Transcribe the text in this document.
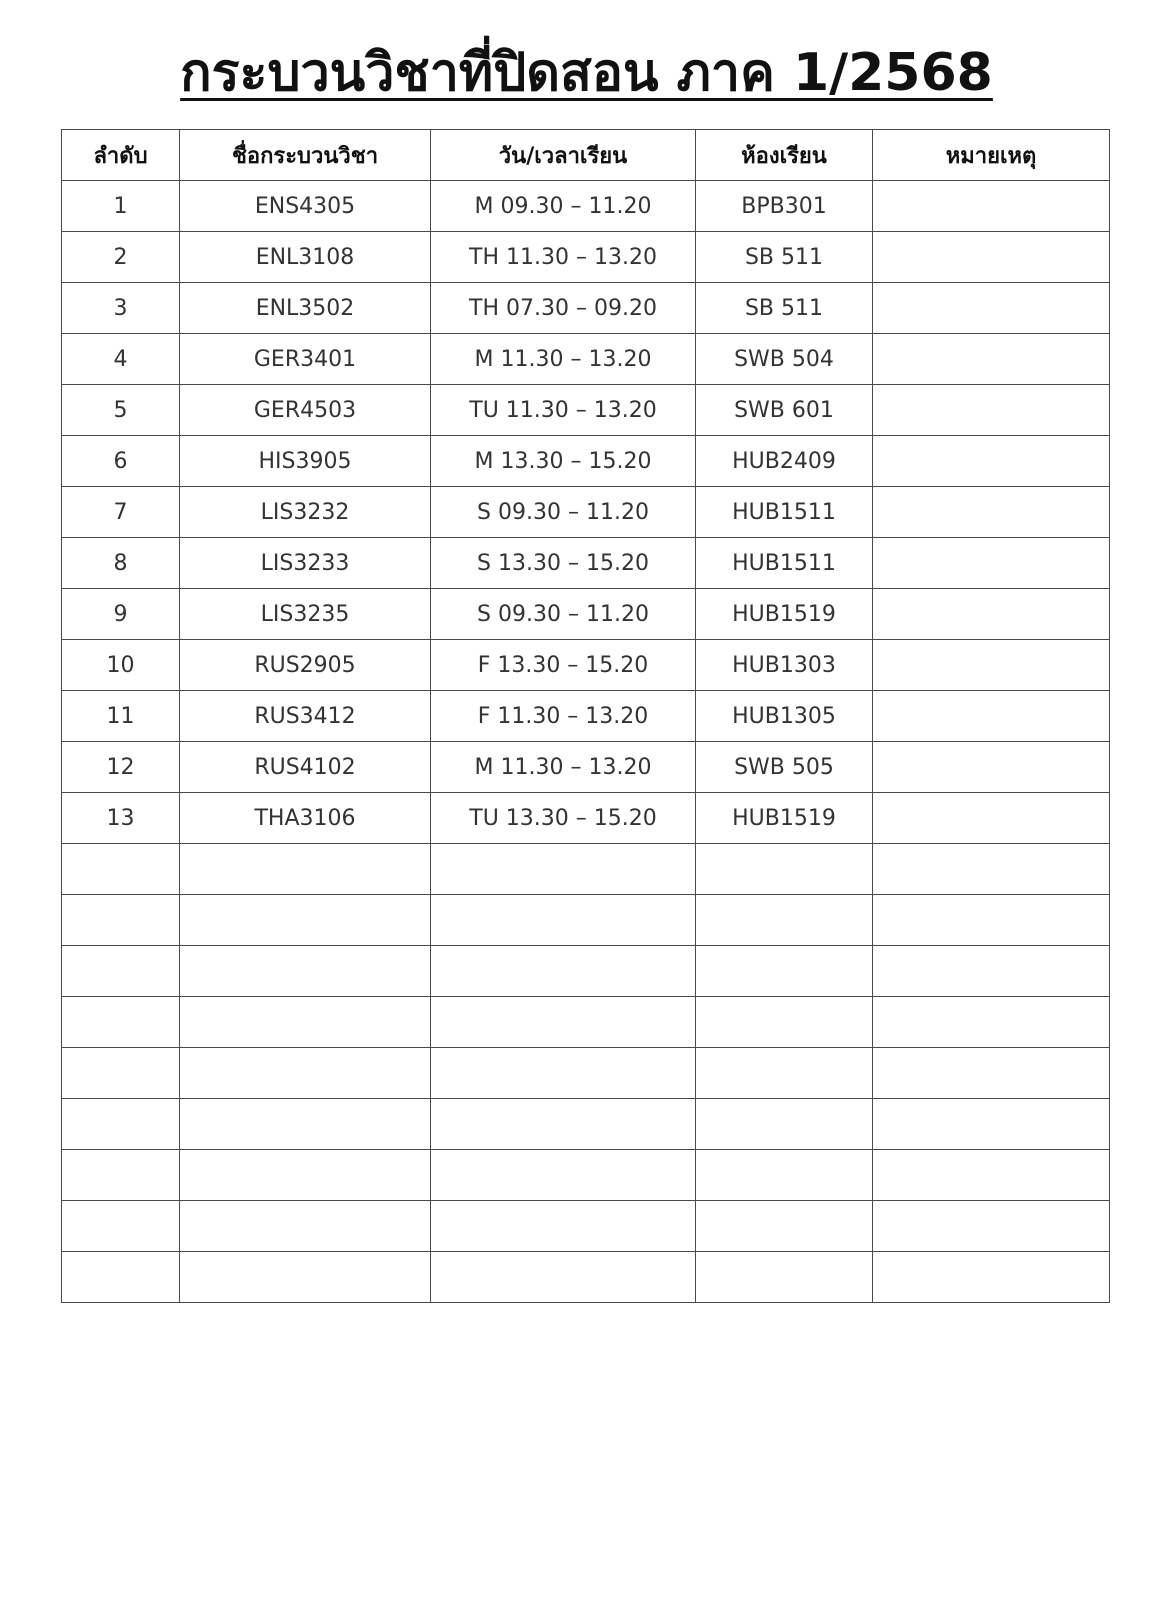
กระบวนวิชาที่ปิดสอน ภาค 1/2568
ลำดับ	ชื่อกระบวนวิชา	วัน/เวลาเรียน	ห้องเรียน	หมายเหตุ
1	ENS4305	M 09.30 – 11.20	BPB301	
2	ENL3108	TH 11.30 – 13.20	SB 511	
3	ENL3502	TH 07.30 – 09.20	SB 511	
4	GER3401	M 11.30 – 13.20	SWB 504	
5	GER4503	TU 11.30 – 13.20	SWB 601	
6	HIS3905	M 13.30 – 15.20	HUB2409	
7	LIS3232	S 09.30 – 11.20	HUB1511	
8	LIS3233	S 13.30 – 15.20	HUB1511	
9	LIS3235	S 09.30 – 11.20	HUB1519	
10	RUS2905	F 13.30 – 15.20	HUB1303	
11	RUS3412	F 11.30 – 13.20	HUB1305	
12	RUS4102	M 11.30 – 13.20	SWB 505	
13	THA3106	TU 13.30 – 15.20	HUB1519	
